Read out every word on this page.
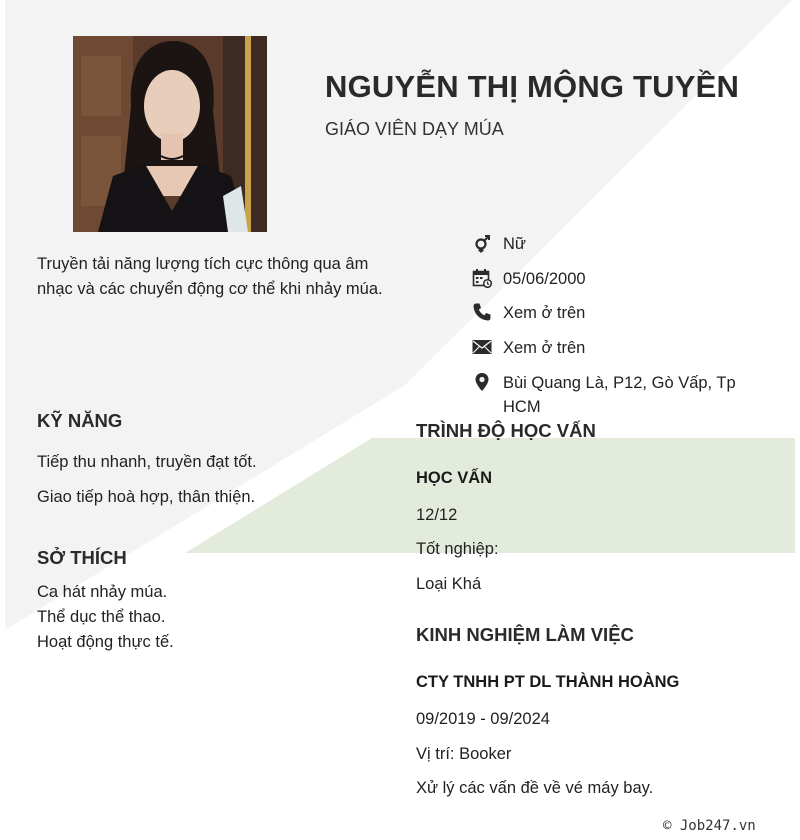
NGUYỄN THỊ MỘNG TUYỀN
GIÁO VIÊN DẠY MÚA
Truyền tải năng lượng tích cực thông qua âm nhạc và các chuyển động cơ thể khi nhảy múa.
Nữ
05/06/2000
Xem ở trên
Xem ở trên
Bùi Quang Là, P12, Gò Vấp, Tp HCM
KỸ NĂNG
Tiếp thu nhanh, truyền đạt tốt.
Giao tiếp hoà hợp, thân thiện.
SỞ THÍCH
Ca hát nhảy múa.
Thể dục thể thao.
Hoạt động thực tế.
TRÌNH ĐỘ HỌC VẤN
HỌC VẤN
12/12
Tốt nghiệp:
Loại Khá
KINH NGHIỆM LÀM VIỆC
CTY TNHH PT DL THÀNH HOÀNG
09/2019 - 09/2024
Vị trí: Booker
Xử lý các vấn đề về vé máy bay.
© Job247.vn
